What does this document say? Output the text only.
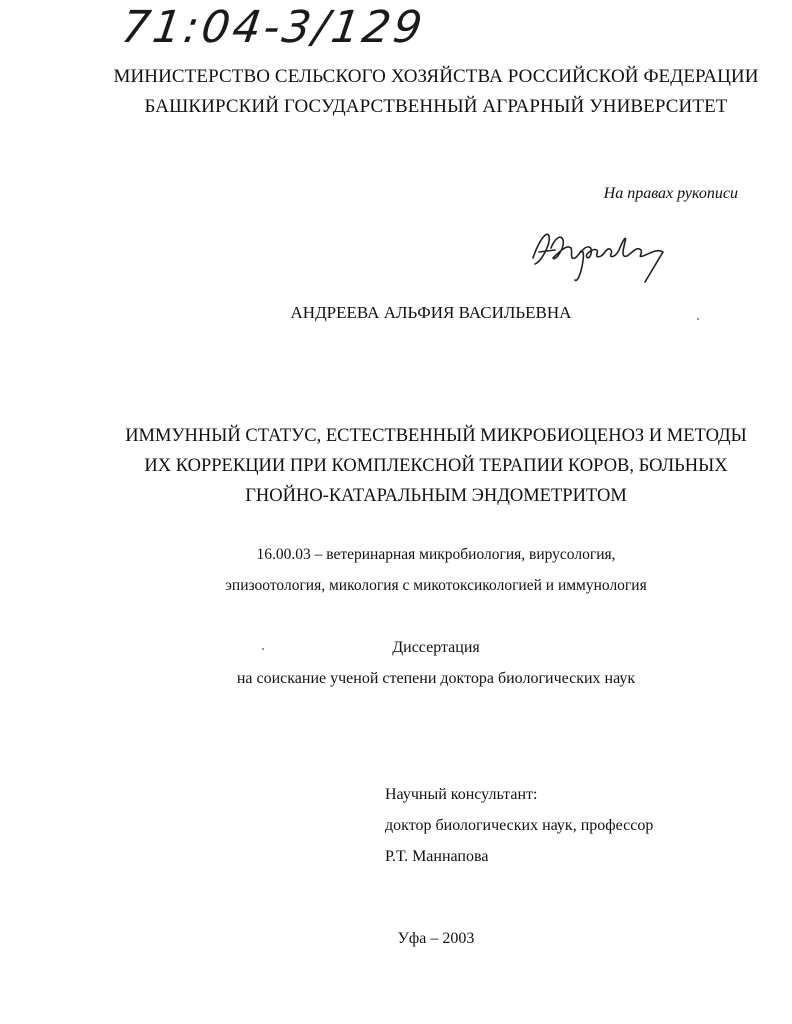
71:04-3/129
МИНИСТЕРСТВО СЕЛЬСКОГО ХОЗЯЙСТВА РОССИЙСКОЙ ФЕДЕРАЦИИ
БАШКИРСКИЙ ГОСУДАРСТВЕННЫЙ АГРАРНЫЙ УНИВЕРСИТЕТ
На правах рукописи
АНДРЕЕВА АЛЬФИЯ ВАСИЛЬЕВНА
ИММУННЫЙ СТАТУС, ЕСТЕСТВЕННЫЙ МИКРОБИОЦЕНОЗ И МЕТОДЫ
ИХ КОРРЕКЦИИ ПРИ КОМПЛЕКСНОЙ ТЕРАПИИ КОРОВ, БОЛЬНЫХ
ГНОЙНО-КАТАРАЛЬНЫМ ЭНДОМЕТРИТОМ
16.00.03 – ветеринарная микробиология, вирусология,
эпизоотология, микология с микотоксикологией и иммунология
Диссертация
на соискание ученой степени доктора биологических наук
Научный консультант:
доктор биологических наук, профессор
Р.Т. Маннапова
Уфа – 2003
